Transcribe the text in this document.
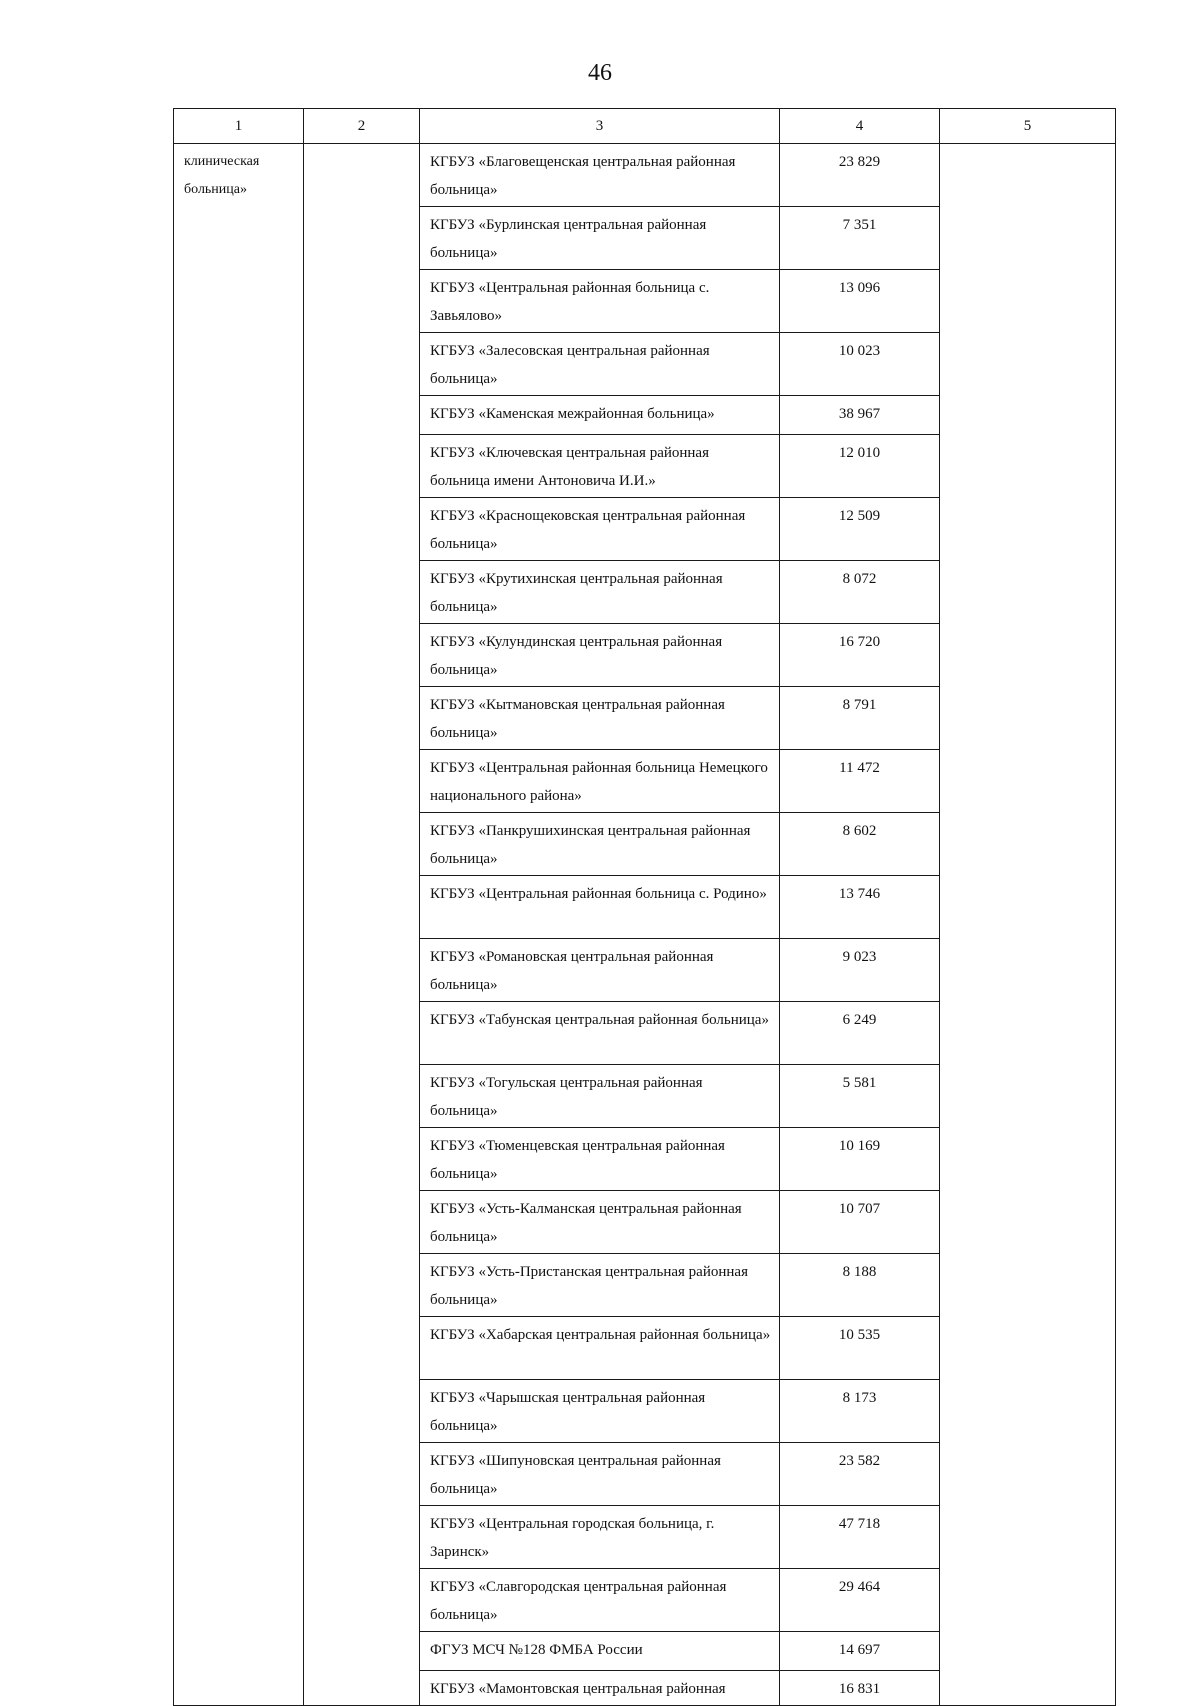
46
1	2	3	4	5
клиническая больница»		КГБУЗ «Благовещенская центральная районная больница»	23 829	
		КГБУЗ «Бурлинская центральная районная больница»	7 351	
		КГБУЗ «Центральная районная больница с. Завьялово»	13 096	
		КГБУЗ «Залесовская центральная районная больница»	10 023	
		КГБУЗ «Каменская межрайонная больница»	38 967	
		КГБУЗ «Ключевская центральная районная больница имени Антоновича И.И.»	12 010	
		КГБУЗ «Краснощековская центральная районная больница»	12 509	
		КГБУЗ «Крутихинская центральная районная больница»	8 072	
		КГБУЗ «Кулундинская центральная районная больница»	16 720	
		КГБУЗ «Кытмановская центральная районная больница»	8 791	
		КГБУЗ «Центральная районная больница Немецкого национального района»	11 472	
		КГБУЗ «Панкрушихинская центральная районная больница»	8 602	
		КГБУЗ «Центральная районная больница с. Родино»	13 746	
		КГБУЗ «Романовская центральная районная больница»	9 023	
		КГБУЗ «Табунская центральная районная больница»	6 249	
		КГБУЗ «Тогульская центральная районная больница»	5 581	
		КГБУЗ «Тюменцевская центральная районная больница»	10 169	
		КГБУЗ «Усть-Калманская центральная районная больница»	10 707	
		КГБУЗ «Усть-Пристанская центральная районная больница»	8 188	
		КГБУЗ «Хабарская центральная районная больница»	10 535	
		КГБУЗ «Чарышская центральная районная больница»	8 173	
		КГБУЗ «Шипуновская центральная районная больница»	23 582	
		КГБУЗ «Центральная городская больница, г. Заринск»	47 718	
		КГБУЗ «Славгородская центральная районная больница»	29 464	
		ФГУЗ МСЧ №128 ФМБА России	14 697	
		КГБУЗ «Мамонтовская центральная районная	16 831	
